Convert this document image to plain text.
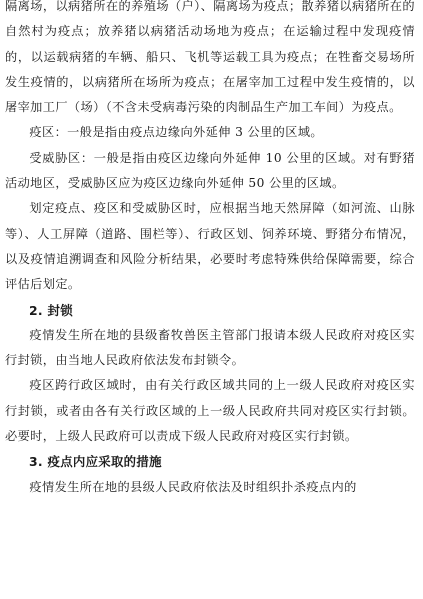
隔离场，以病猪所在的养殖场（户）、隔离场为疫点；散养猪以病猪所在的自然村为疫点；放养猪以病猪活动场地为疫点；在运输过程中发现疫情的，以运载病猪的车辆、船只、飞机等运载工具为疫点；在牲畜交易场所发生疫情的，以病猪所在场所为疫点；在屠宰加工过程中发生疫情的，以屠宰加工厂（场）（不含未受病毒污染的肉制品生产加工车间）为疫点。

疫区：一般是指由疫点边缘向外延伸 3 公里的区域。

受威胁区：一般是指由疫区边缘向外延伸 10 公里的区域。对有野猪活动地区，受威胁区应为疫区边缘向外延伸 50 公里的区域。

划定疫点、疫区和受威胁区时，应根据当地天然屏障（如河流、山脉等）、人工屏障（道路、围栏等）、行政区划、饲养环境、野猪分布情况，以及疫情追溯调查和风险分析结果，必要时考虑特殊供给保障需要，综合评估后划定。

2. 封锁

疫情发生所在地的县级畜牧兽医主管部门报请本级人民政府对疫区实行封锁，由当地人民政府依法发布封锁令。

疫区跨行政区域时，由有关行政区域共同的上一级人民政府对疫区实行封锁，或者由各有关行政区域的上一级人民政府共同对疫区实行封锁。必要时，上级人民政府可以责成下级人民政府对疫区实行封锁。

3. 疫点内应采取的措施

疫情发生所在地的县级人民政府依法及时组织扑杀疫点内的
